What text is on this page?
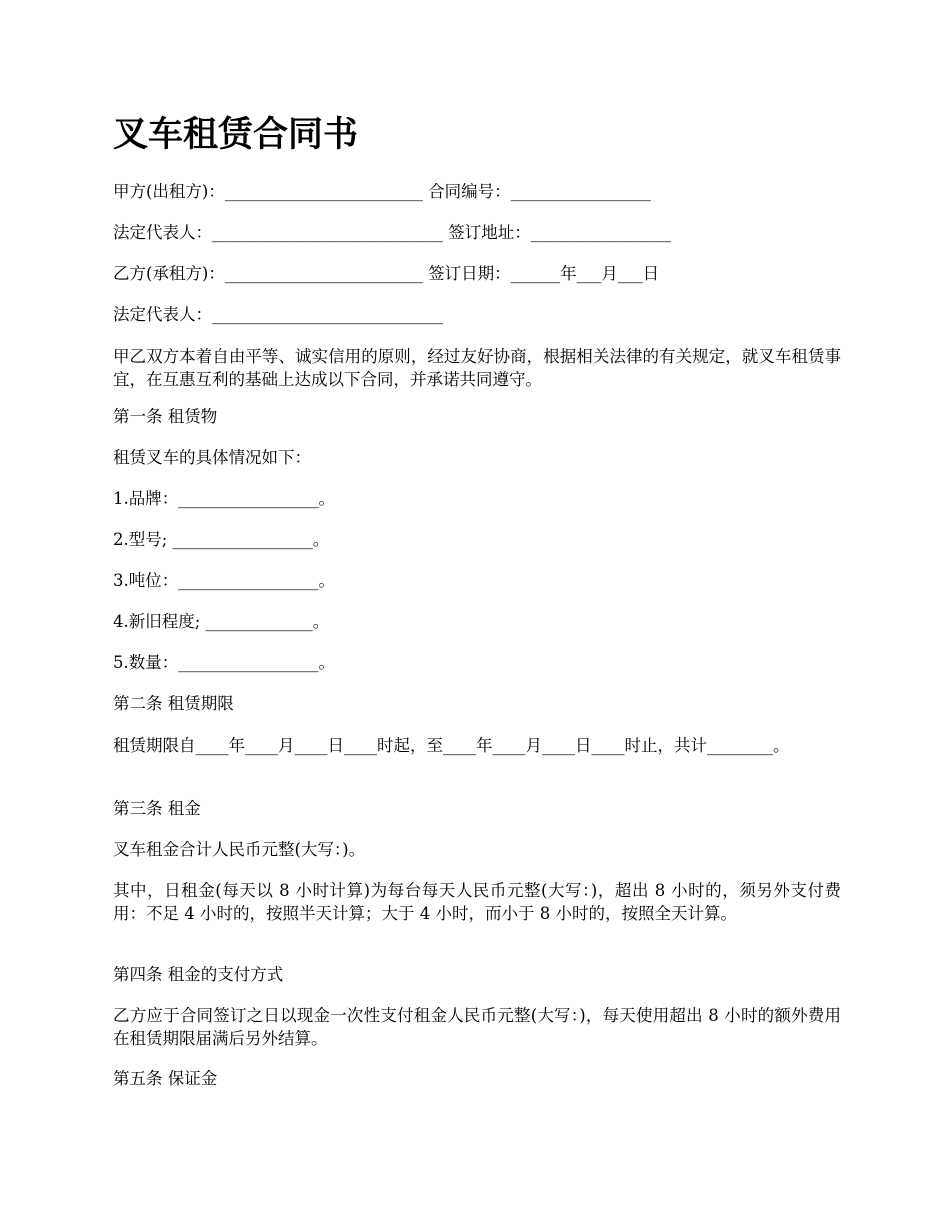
叉车租赁合同书
甲方(出租方)：________________________ 合同编号：_________________
法定代表人：____________________________ 签订地址：_________________
乙方(承租方)：________________________ 签订日期：______年___月___日
法定代表人：____________________________
甲乙双方本着自由平等、诚实信用的原则，经过友好协商，根据相关法律的有关规定，就叉车租赁事宜，在互惠互利的基础上达成以下合同，并承诺共同遵守。
第一条 租赁物
租赁叉车的具体情况如下：
1.品牌：_________________。
2.型号; _________________。
3.吨位：_________________。
4.新旧程度; _____________。
5.数量：_________________。
第二条 租赁期限
租赁期限自____年____月____日____时起，至____年____月____日____时止，共计________。
第三条 租金
叉车租金合计人民币元整(大写：)。
其中，日租金(每天以 8 小时计算)为每台每天人民币元整(大写：)，超出 8 小时的，须另外支付费用：不足 4 小时的，按照半天计算；大于 4 小时，而小于 8 小时的，按照全天计算。
第四条 租金的支付方式
乙方应于合同签订之日以现金一次性支付租金人民币元整(大写：)，每天使用超出 8 小时的额外费用在租赁期限届满后另外结算。
第五条 保证金
